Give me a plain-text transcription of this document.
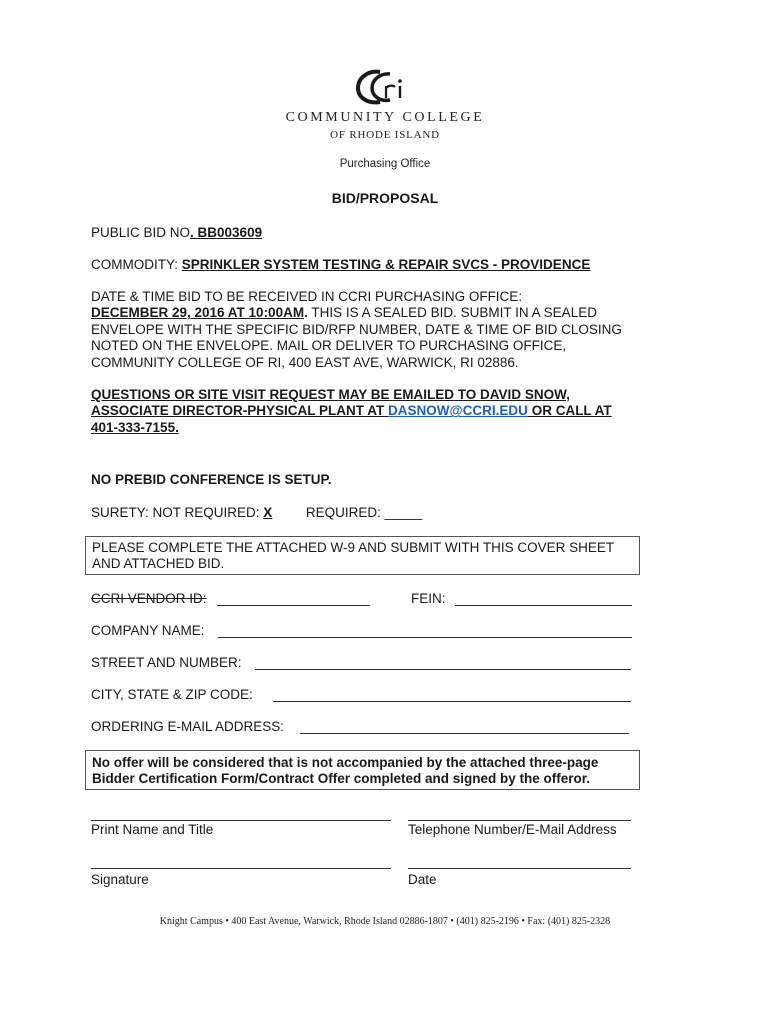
COMMUNITY COLLEGE
OF RHODE ISLAND
Purchasing Office
BID/PROPOSAL
PUBLIC BID NO. BB003609
COMMODITY: SPRINKLER SYSTEM TESTING & REPAIR SVCS - PROVIDENCE
DATE & TIME BID TO BE RECEIVED IN CCRI PURCHASING OFFICE:
DECEMBER 29, 2016 AT 10:00AM. THIS IS A SEALED BID. SUBMIT IN A SEALED ENVELOPE WITH THE SPECIFIC BID/RFP NUMBER, DATE & TIME OF BID CLOSING NOTED ON THE ENVELOPE. MAIL OR DELIVER TO PURCHASING OFFICE, COMMUNITY COLLEGE OF RI, 400 EAST AVE, WARWICK, RI 02886.
QUESTIONS OR SITE VISIT REQUEST MAY BE EMAILED TO DAVID SNOW, ASSOCIATE DIRECTOR-PHYSICAL PLANT AT DASNOW@CCRI.EDU OR CALL AT 401-333-7155.
NO PREBID CONFERENCE IS SETUP.
SURETY: NOT REQUIRED: X REQUIRED: _____
PLEASE COMPLETE THE ATTACHED W-9 AND SUBMIT WITH THIS COVER SHEET AND ATTACHED BID.
CCRI VENDOR ID:	FEIN:
COMPANY NAME:
STREET AND NUMBER:
CITY, STATE & ZIP CODE:
ORDERING E-MAIL ADDRESS:
No offer will be considered that is not accompanied by the attached three-page Bidder Certification Form/Contract Offer completed and signed by the offeror.
Print Name and Title	Telephone Number/E-Mail Address
Signature	Date
Knight Campus • 400 East Avenue, Warwick, Rhode Island 02886-1807 • (401) 825-2196 • Fax: (401) 825-2328
